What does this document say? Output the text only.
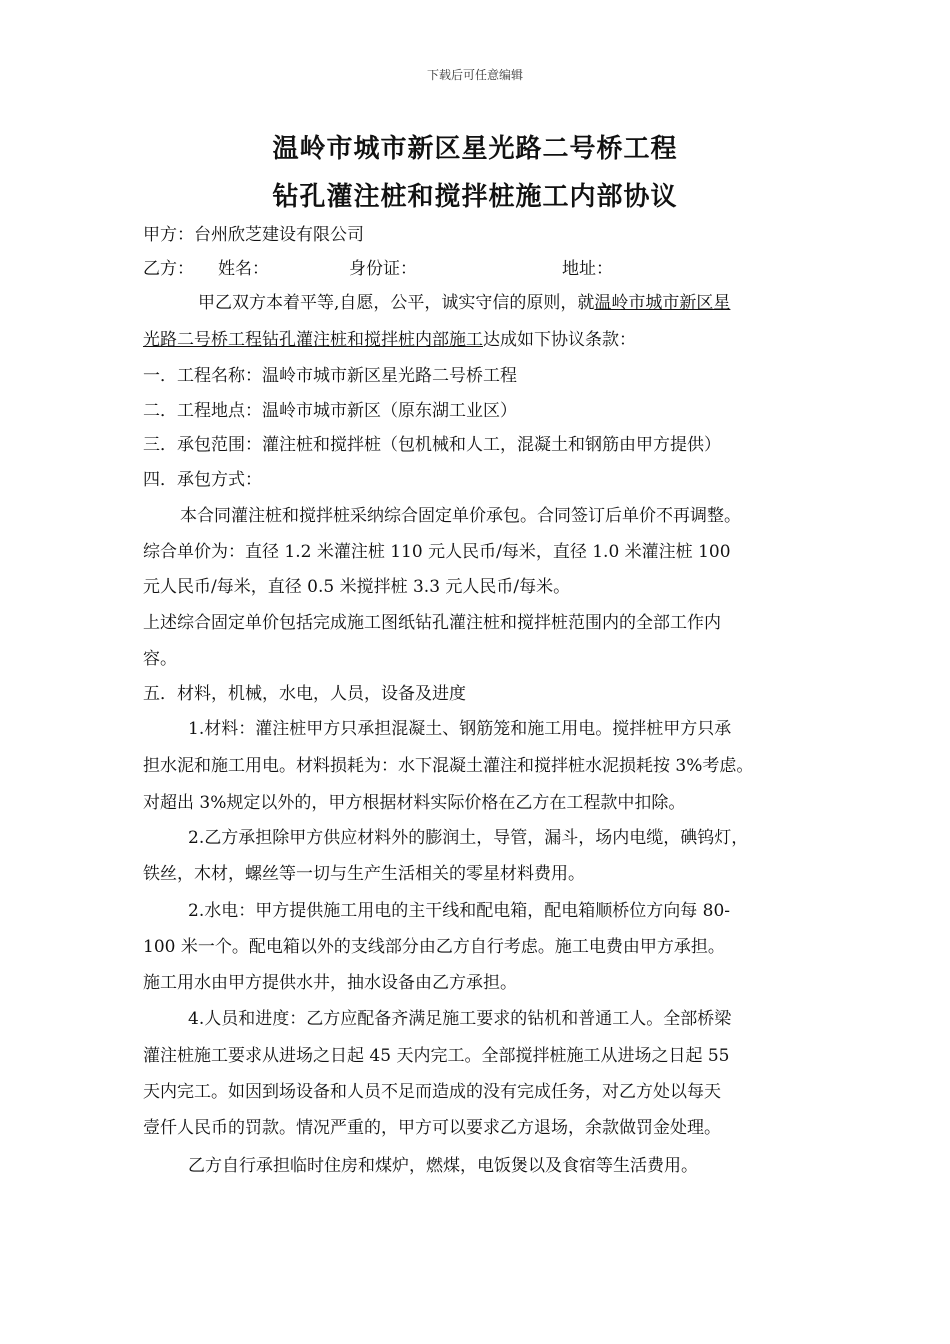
下载后可任意编辑
温岭市城市新区星光路二号桥工程
钻孔灌注桩和搅拌桩施工内部协议
甲方：台州欣芝建设有限公司
乙方： 姓名：	身份证：	地址：
甲乙双方本着平等,自愿，公平，诚实守信的原则，就温岭市城市新区星
光路二号桥工程钻孔灌注桩和搅拌桩内部施工达成如下协议条款：
一．工程名称：温岭市城市新区星光路二号桥工程
二．工程地点：温岭市城市新区（原东湖工业区）
三．承包范围：灌注桩和搅拌桩（包机械和人工，混凝土和钢筋由甲方提供）
四．承包方式：
本合同灌注桩和搅拌桩采纳综合固定单价承包。合同签订后单价不再调整。
综合单价为：直径 1.2 米灌注桩 110 元人民币/每米，直径 1.0 米灌注桩 100
元人民币/每米，直径 0.5 米搅拌桩 3.3 元人民币/每米。
上述综合固定单价包括完成施工图纸钻孔灌注桩和搅拌桩范围内的全部工作内
容。
五．材料，机械，水电，人员，设备及进度
1.材料：灌注桩甲方只承担混凝土、钢筋笼和施工用电。搅拌桩甲方只承
担水泥和施工用电。材料损耗为：水下混凝土灌注和搅拌桩水泥损耗按 3%考虑。
对超出 3%规定以外的，甲方根据材料实际价格在乙方在工程款中扣除。
2.乙方承担除甲方供应材料外的膨润土，导管，漏斗，场内电缆，碘钨灯，
铁丝，木材，螺丝等一切与生产生活相关的零星材料费用。
2.水电：甲方提供施工用电的主干线和配电箱，配电箱顺桥位方向每 80-
100 米一个。配电箱以外的支线部分由乙方自行考虑。施工电费由甲方承担。
施工用水由甲方提供水井，抽水设备由乙方承担。
4.人员和进度：乙方应配备齐满足施工要求的钻机和普通工人。全部桥梁
灌注桩施工要求从进场之日起 45 天内完工。全部搅拌桩施工从进场之日起 55
天内完工。如因到场设备和人员不足而造成的没有完成任务，对乙方处以每天
壹仟人民币的罚款。情况严重的，甲方可以要求乙方退场，余款做罚金处理。
乙方自行承担临时住房和煤炉，燃煤，电饭煲以及食宿等生活费用。
